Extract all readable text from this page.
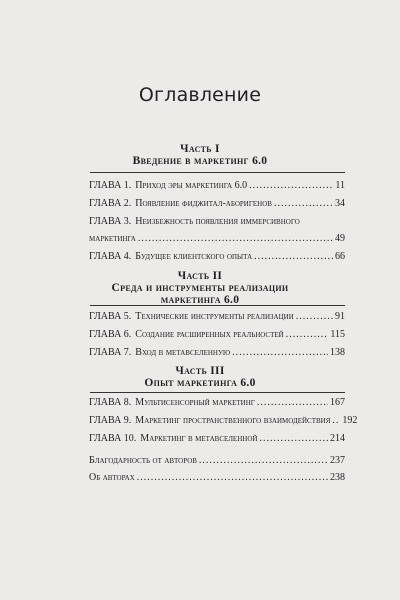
Оглавление
Часть I
Введение в маркетинг 6.0
ГЛАВА 1. Приход эры маркетинга 6.0 .....	11
ГЛАВА 2. Появление фиджитал-аборигенов .....	34
ГЛАВА 3. Неизбежность появления иммерсивного
маркетинга .....	49
ГЛАВА 4. Будущее клиентского опыта .....	66
Часть II
Среда и инструменты реализации
маркетинга 6.0
ГЛАВА 5. Технические инструменты реализации .....	91
ГЛАВА 6. Создание расширенных реальностей .....	115
ГЛАВА 7. Вход в метавселенную .....	138
Часть III
Опыт маркетинга 6.0
ГЛАВА 8. Мультисенсорный маркетинг .....	167
ГЛАВА 9. Маркетинг пространственного взаимодействия ..... 192
ГЛАВА 10. Маркетинг в метавселенной .....	214
Благодарность от авторов .....	237
Об авторах .....	238
